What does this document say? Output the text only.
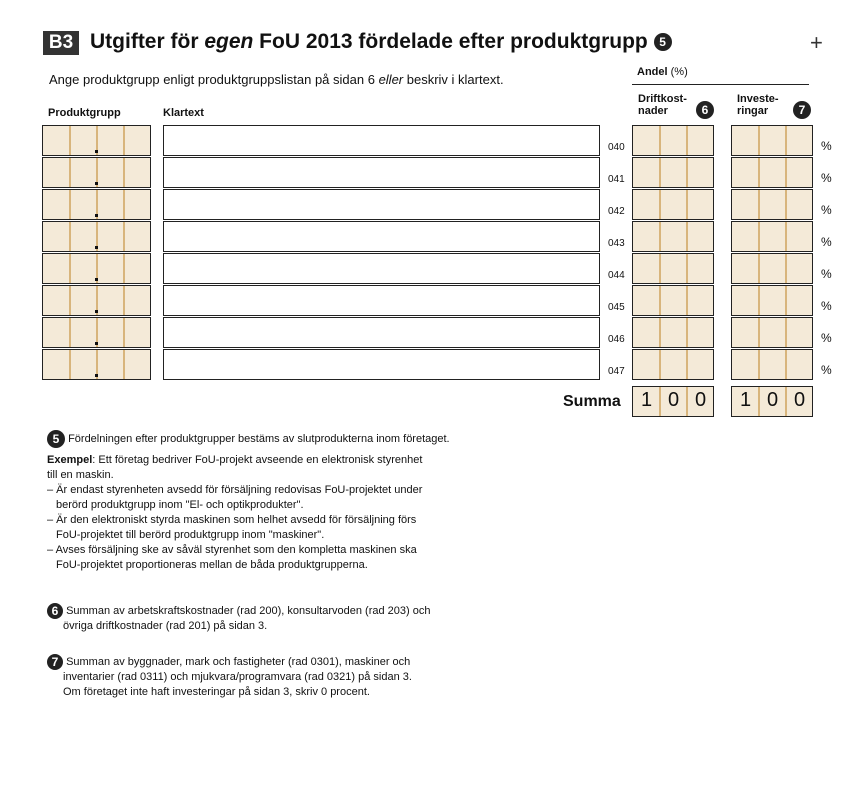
B3 Utgifter för egen FoU 2013 fördelade efter produktgrupp 5	+
Ange produktgrupp enligt produktgruppslistan på sidan 6 eller beskriv i klartext.	Andel (%)
Produktgrupp	Klartext
Driftkost-
nader	6
Investe-
ringar	7
040	%
041	%
042	%
043	%
044	%
045	%
046	%
047	%
Summa	1 0 0	1 0 0

5 Fördelningen efter produktgrupper bestäms av slutprodukterna inom företaget.

Exempel: Ett företag bedriver FoU-projekt avseende en elektronisk styrenhet

till en maskin.

– Är endast styrenheten avsedd för försäljning redovisas FoU-projektet under

berörd produktgrupp inom "El- och optikprodukter".

– Är den elektroniskt styrda maskinen som helhet avsedd för försäljning förs

FoU-projektet till berörd produktgrupp inom "maskiner".

– Avses försäljning ske av såväl styrenhet som den kompletta maskinen ska

FoU-projektet proportioneras mellan de båda produktgrupperna.

6 Summan av arbetskraftskostnader (rad 200), konsultarvoden (rad 203) och

övriga driftkostnader (rad 201) på sidan 3.

7 Summan av byggnader, mark och fastigheter (rad 0301), maskiner och

inventarier (rad 0311) och mjukvara/programvara (rad 0321) på sidan 3.

Om företaget inte haft investeringar på sidan 3, skriv 0 procent.
